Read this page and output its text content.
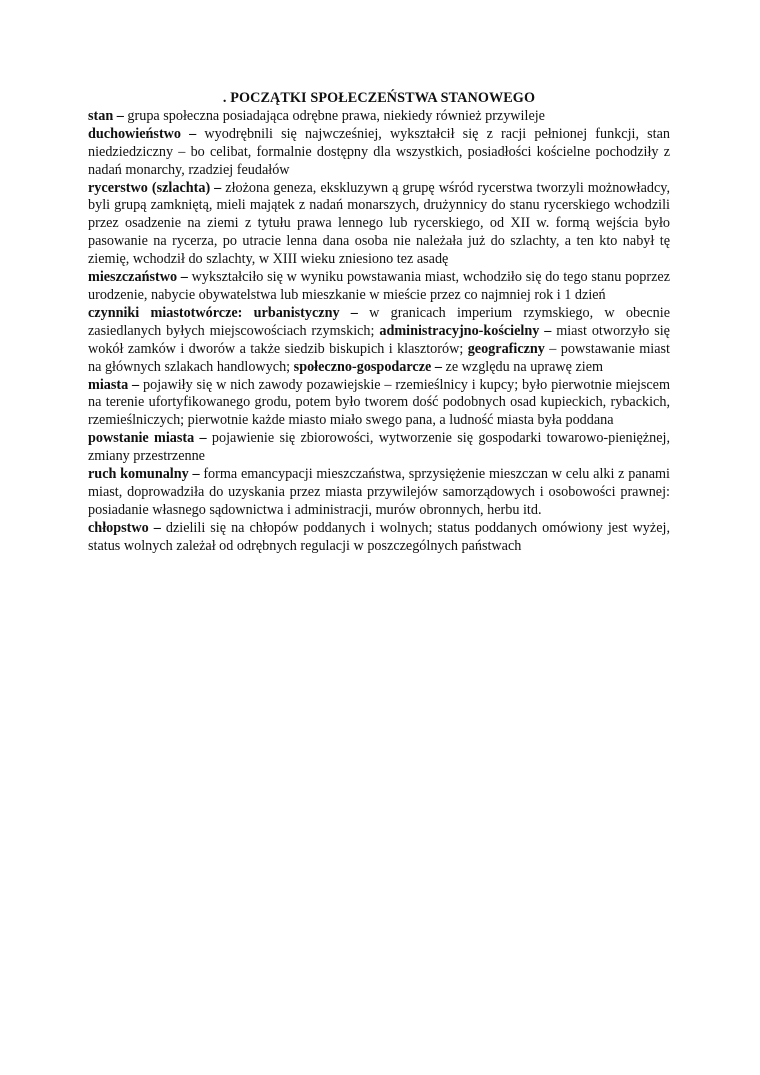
. POCZĄTKI SPOŁECZEŃSTWA STANOWEGO

stan – grupa społeczna posiadająca odrębne prawa, niekiedy również przywileje

duchowieństwo – wyodrębnili się najwcześniej, wykształcił się z racji pełnionej funkcji, stan niedziedziczny – bo celibat, formalnie dostępny dla wszystkich, posiadłości kościelne pochodziły z nadań monarchy, rzadziej feudałów

rycerstwo (szlachta) – złożona geneza, ekskluzywn ą grupę wśród rycerstwa tworzyli możnowładcy, byli grupą zamkniętą, mieli majątek z nadań monarszych, drużynnicy do stanu rycerskiego wchodzili przez osadzenie na ziemi z tytułu prawa lennego lub rycerskiego, od XII w. formą wejścia było pasowanie na rycerza, po utracie lenna dana osoba nie należała już do szlachty, a ten kto nabył tę ziemię, wchodził do szlachty, w XIII wieku zniesiono tez asadę

mieszczaństwo – wykształciło się w wyniku powstawania miast, wchodziło się do tego stanu poprzez urodzenie, nabycie obywatelstwa lub mieszkanie w mieście przez co najmniej rok i 1 dzień

czynniki miastotwórcze: urbanistyczny – w granicach imperium rzymskiego, w obecnie zasiedlanych byłych miejscowościach rzymskich; administracyjno-kościelny – miast otworzyło się wokół zamków i dworów a także siedzib biskupich i klasztorów; geograficzny – powstawanie miast na głównych szlakach handlowych; społeczno-gospodarcze – ze względu na uprawę ziem

miasta – pojawiły się w nich zawody pozawiejskie – rzemieślnicy i kupcy; było pierwotnie miejscem na terenie ufortyfikowanego grodu, potem było tworem dość podobnych osad kupieckich, rybackich, rzemieślniczych; pierwotnie każde miasto miało swego pana, a ludność miasta była poddana

powstanie miasta – pojawienie się zbiorowości, wytworzenie się gospodarki towarowo-pieniężnej, zmiany przestrzenne

ruch komunalny – forma emancypacji mieszczaństwa, sprzysiężenie mieszczan w celu alki z panami miast, doprowadziła do uzyskania przez miasta przywilejów samorządowych i osobowości prawnej: posiadanie własnego sądownictwa i administracji, murów obronnych, herbu itd.

chłopstwo – dzielili się na chłopów poddanych i wolnych; status poddanych omówiony jest wyżej, status wolnych zależał od odrębnych regulacji w poszczególnych państwach
